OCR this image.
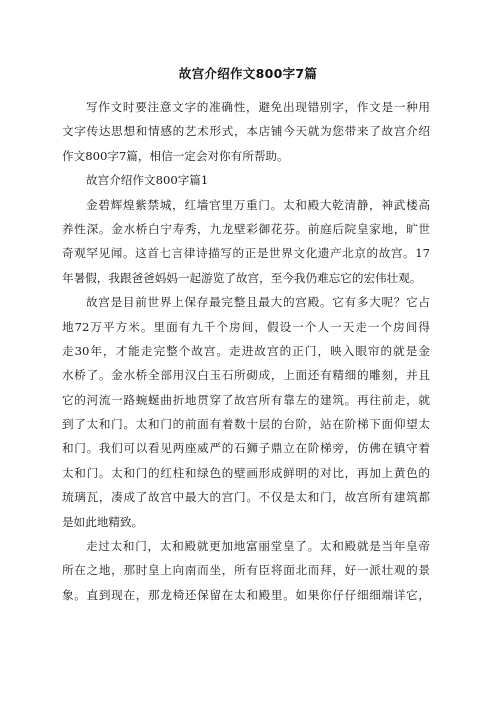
故宫介绍作文800字7篇
写作文时要注意文字的准确性，避免出现错别字，作文是一种用
文字传达思想和情感的艺术形式，本店铺今天就为您带来了故宫介绍
作文800字7篇，相信一定会对你有所帮助。
故宫介绍作文800字篇1
金碧辉煌紫禁城，红墙官里万重门。太和殿大乾清静，神武楼高
养性深。金水桥白宁寿秀，九龙壁彩御花芬。前庭后院皇家地，旷世
奇观罕见闻。这首七言律诗描写的正是世界文化遗产北京的故宫。17
年暑假，我跟爸爸妈妈一起游览了故宫，至今我仍难忘它的宏伟壮观。
故宫是目前世界上保存最完整且最大的宫殿。它有多大呢？它占
地72万平方米。里面有九千个房间，假设一个人一天走一个房间得
走30年，才能走完整个故宫。走进故宫的正门，映入眼帘的就是金
水桥了。金水桥全部用汉白玉石所砌成，上面还有精细的雕刻，并且
它的河流一路蜿蜒曲折地贯穿了故宫所有靠左的建筑。再往前走，就
到了太和门。太和门的前面有着数十层的台阶，站在阶梯下面仰望太
和门。我们可以看见两座威严的石狮子鼎立在阶梯旁，仿佛在镇守着
太和门。太和门的红柱和绿色的壁画形成鲜明的对比，再加上黄色的
琉璃瓦，凑成了故宫中最大的宫门。不仅是太和门，故宫所有建筑都
是如此地精致。
走过太和门，太和殿就更加地富丽堂皇了。太和殿就是当年皇帝
所在之地，那时皇上向南而坐，所有臣将面北而拜，好一派壮观的景
象。直到现在，那龙椅还保留在太和殿里。如果你仔仔细细端详它，
